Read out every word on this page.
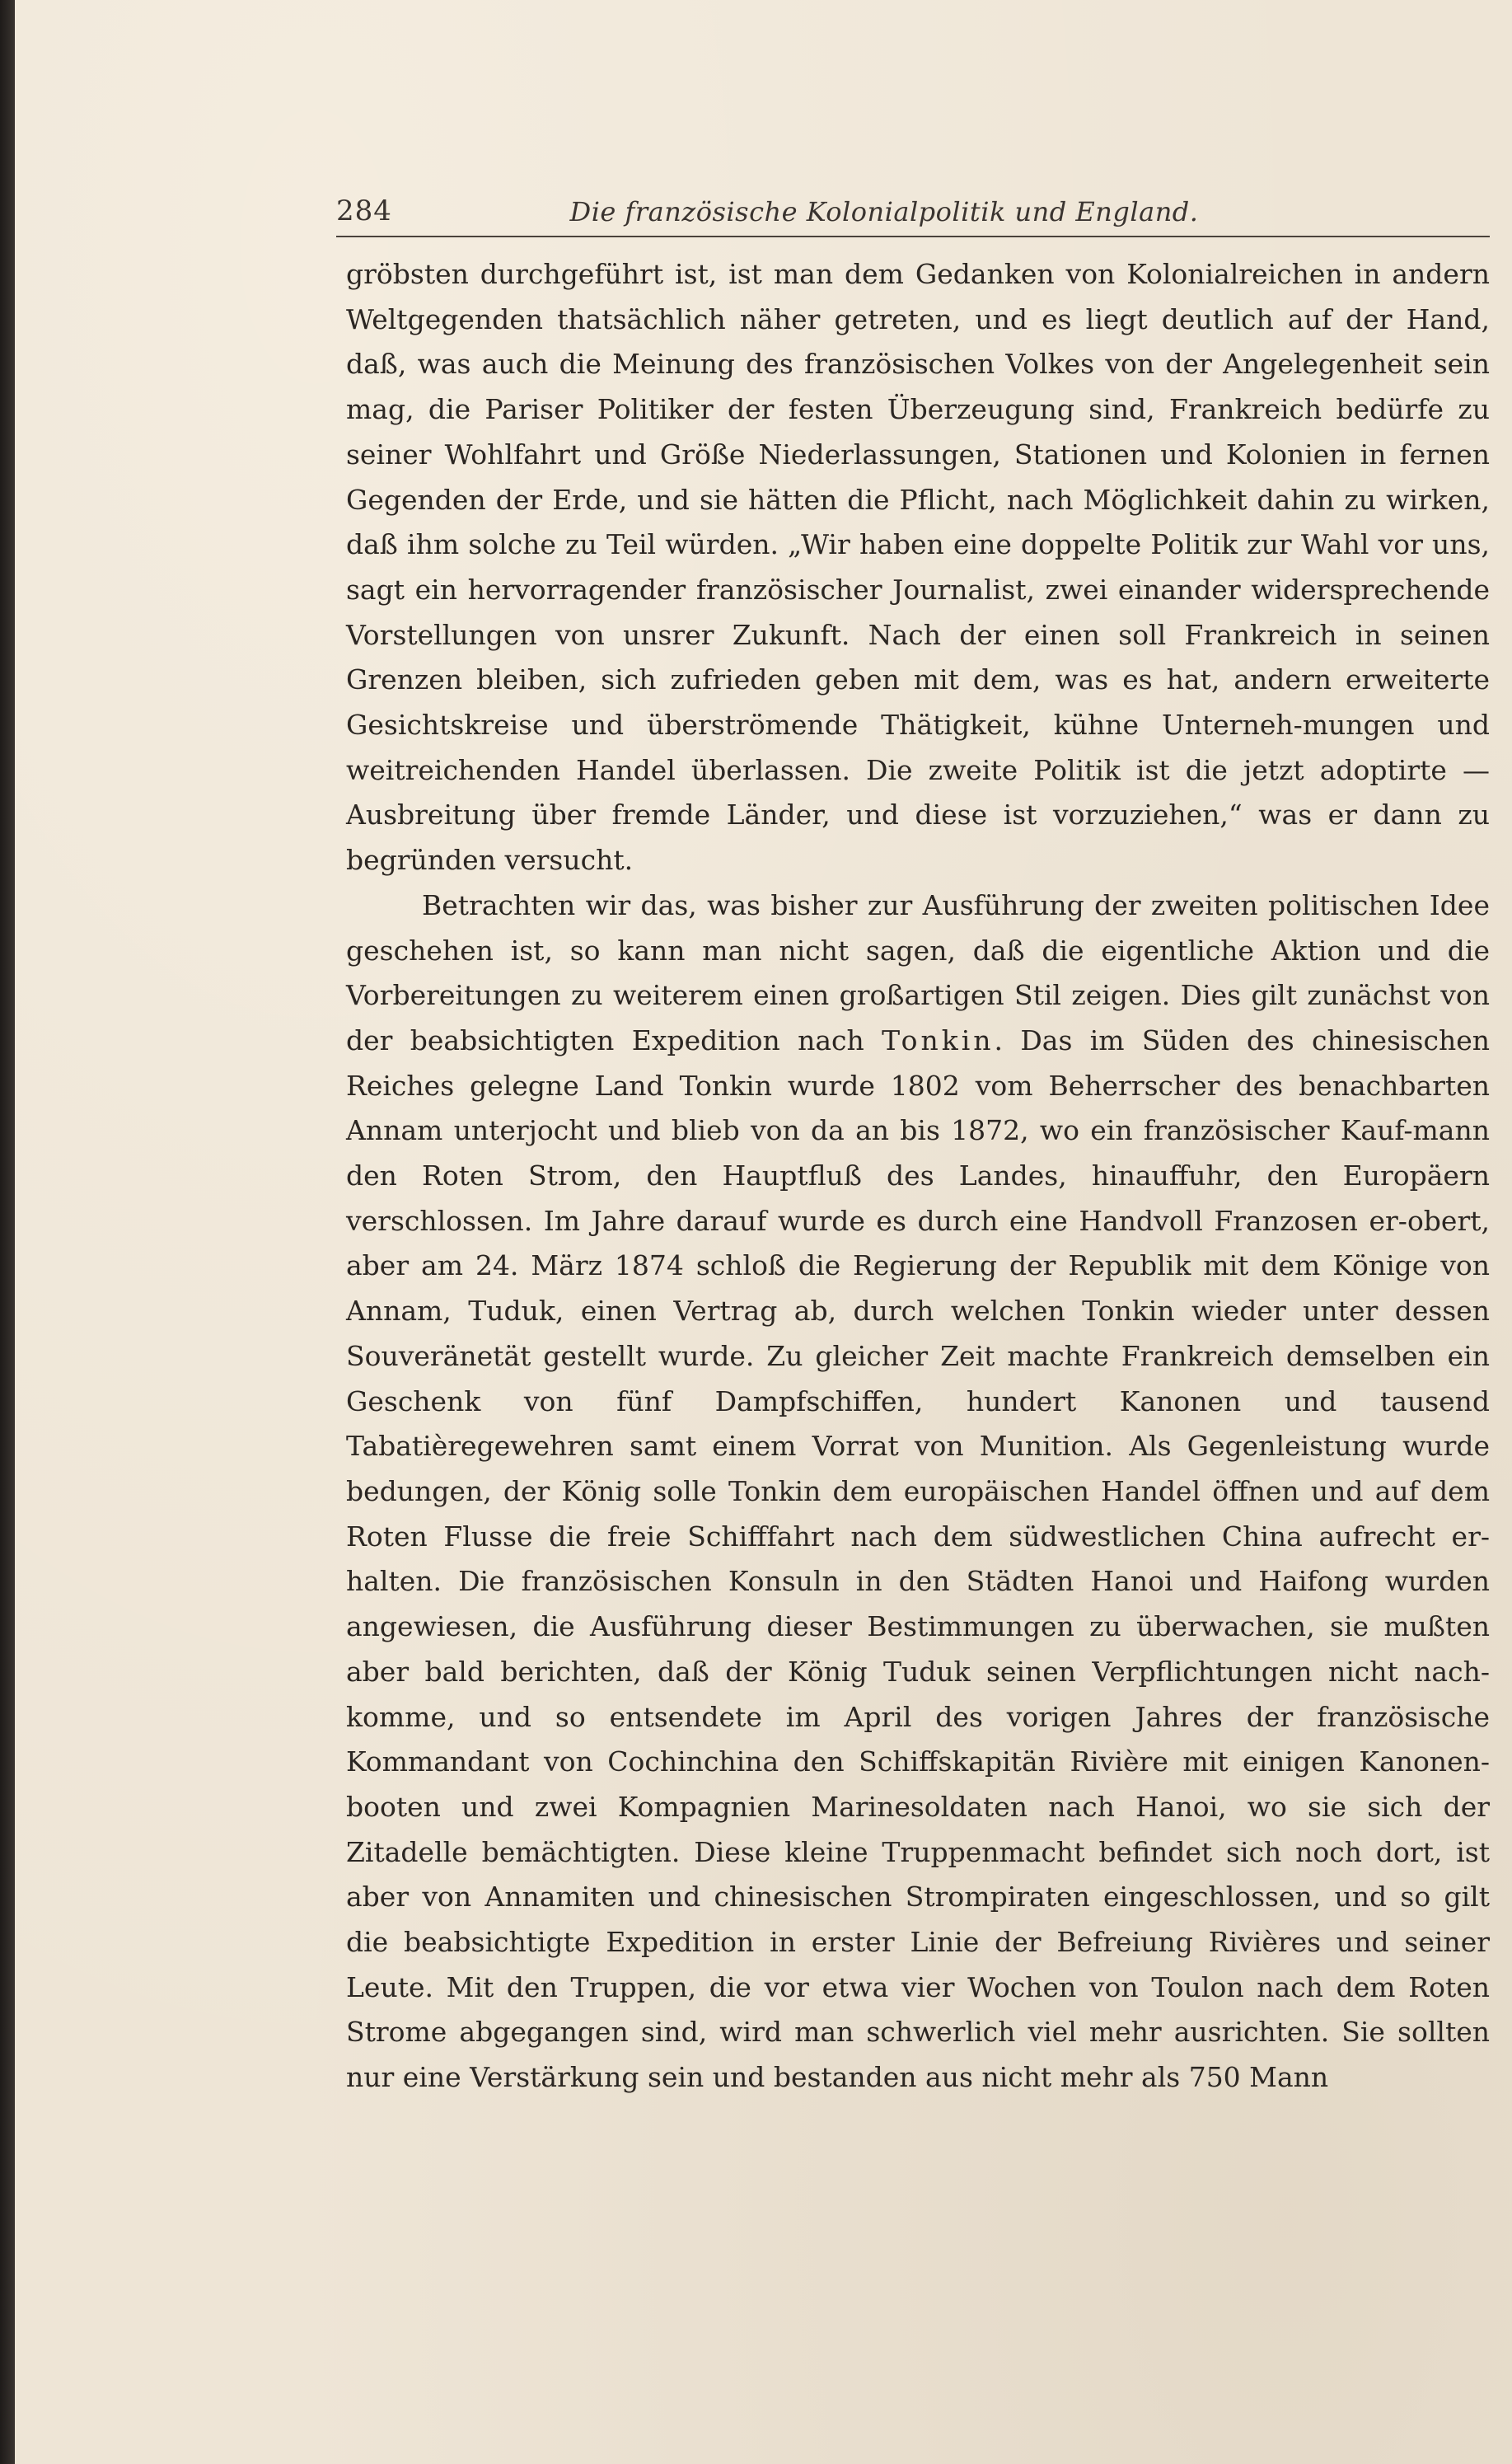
284	Die französische Kolonialpolitik und England.

gröbsten durchgeführt ist, ist man dem Gedanken von Kolonialreichen in andern Weltgegenden thatsächlich näher getreten, und es liegt deutlich auf der Hand, daß, was auch die Meinung des französischen Volkes von der Angelegenheit sein mag, die Pariser Politiker der festen Überzeugung sind, Frankreich bedürfe zu seiner Wohlfahrt und Größe Niederlassungen, Stationen und Kolonien in fernen Gegenden der Erde, und sie hätten die Pflicht, nach Möglichkeit dahin zu wirken, daß ihm solche zu Teil würden. „Wir haben eine doppelte Politik zur Wahl vor uns, sagt ein hervorragender französischer Journalist, zwei einander widersprechende Vorstellungen von unsrer Zukunft. Nach der einen soll Frankreich in seinen Grenzen bleiben, sich zufrieden geben mit dem, was es hat, andern erweiterte Gesichtskreise und überströmende Thätigkeit, kühne Unterneh-mungen und weitreichenden Handel überlassen. Die zweite Politik ist die jetzt adoptirte — Ausbreitung über fremde Länder, und diese ist vorzuziehen,“ was er dann zu begründen versucht.

Betrachten wir das, was bisher zur Ausführung der zweiten politischen Idee geschehen ist, so kann man nicht sagen, daß die eigentliche Aktion und die Vorbereitungen zu weiterem einen großartigen Stil zeigen. Dies gilt zunächst von der beabsichtigten Expedition nach Tonkin. Das im Süden des chinesischen Reiches gelegne Land Tonkin wurde 1802 vom Beherrscher des benachbarten Annam unterjocht und blieb von da an bis 1872, wo ein französischer Kauf-mann den Roten Strom, den Hauptfluß des Landes, hinauffuhr, den Europäern verschlossen. Im Jahre darauf wurde es durch eine Handvoll Franzosen er-obert, aber am 24. März 1874 schloß die Regierung der Republik mit dem Könige von Annam, Tuduk, einen Vertrag ab, durch welchen Tonkin wieder unter dessen Souveränetät gestellt wurde. Zu gleicher Zeit machte Frankreich demselben ein Geschenk von fünf Dampfschiffen, hundert Kanonen und tausend Tabatièregewehren samt einem Vorrat von Munition. Als Gegenleistung wurde bedungen, der König solle Tonkin dem europäischen Handel öffnen und auf dem Roten Flusse die freie Schifffahrt nach dem südwestlichen China aufrecht er-halten. Die französischen Konsuln in den Städten Hanoi und Haifong wurden angewiesen, die Ausführung dieser Bestimmungen zu überwachen, sie mußten aber bald berichten, daß der König Tuduk seinen Verpflichtungen nicht nach-komme, und so entsendete im April des vorigen Jahres der französische Kommandant von Cochinchina den Schiffskapitän Rivière mit einigen Kanonen-booten und zwei Kompagnien Marinesoldaten nach Hanoi, wo sie sich der Zitadelle bemächtigten. Diese kleine Truppenmacht befindet sich noch dort, ist aber von Annamiten und chinesischen Strompiraten eingeschlossen, und so gilt die beabsichtigte Expedition in erster Linie der Befreiung Rivières und seiner Leute. Mit den Truppen, die vor etwa vier Wochen von Toulon nach dem Roten Strome abgegangen sind, wird man schwerlich viel mehr ausrichten. Sie sollten nur eine Verstärkung sein und bestanden aus nicht mehr als 750 Mann
